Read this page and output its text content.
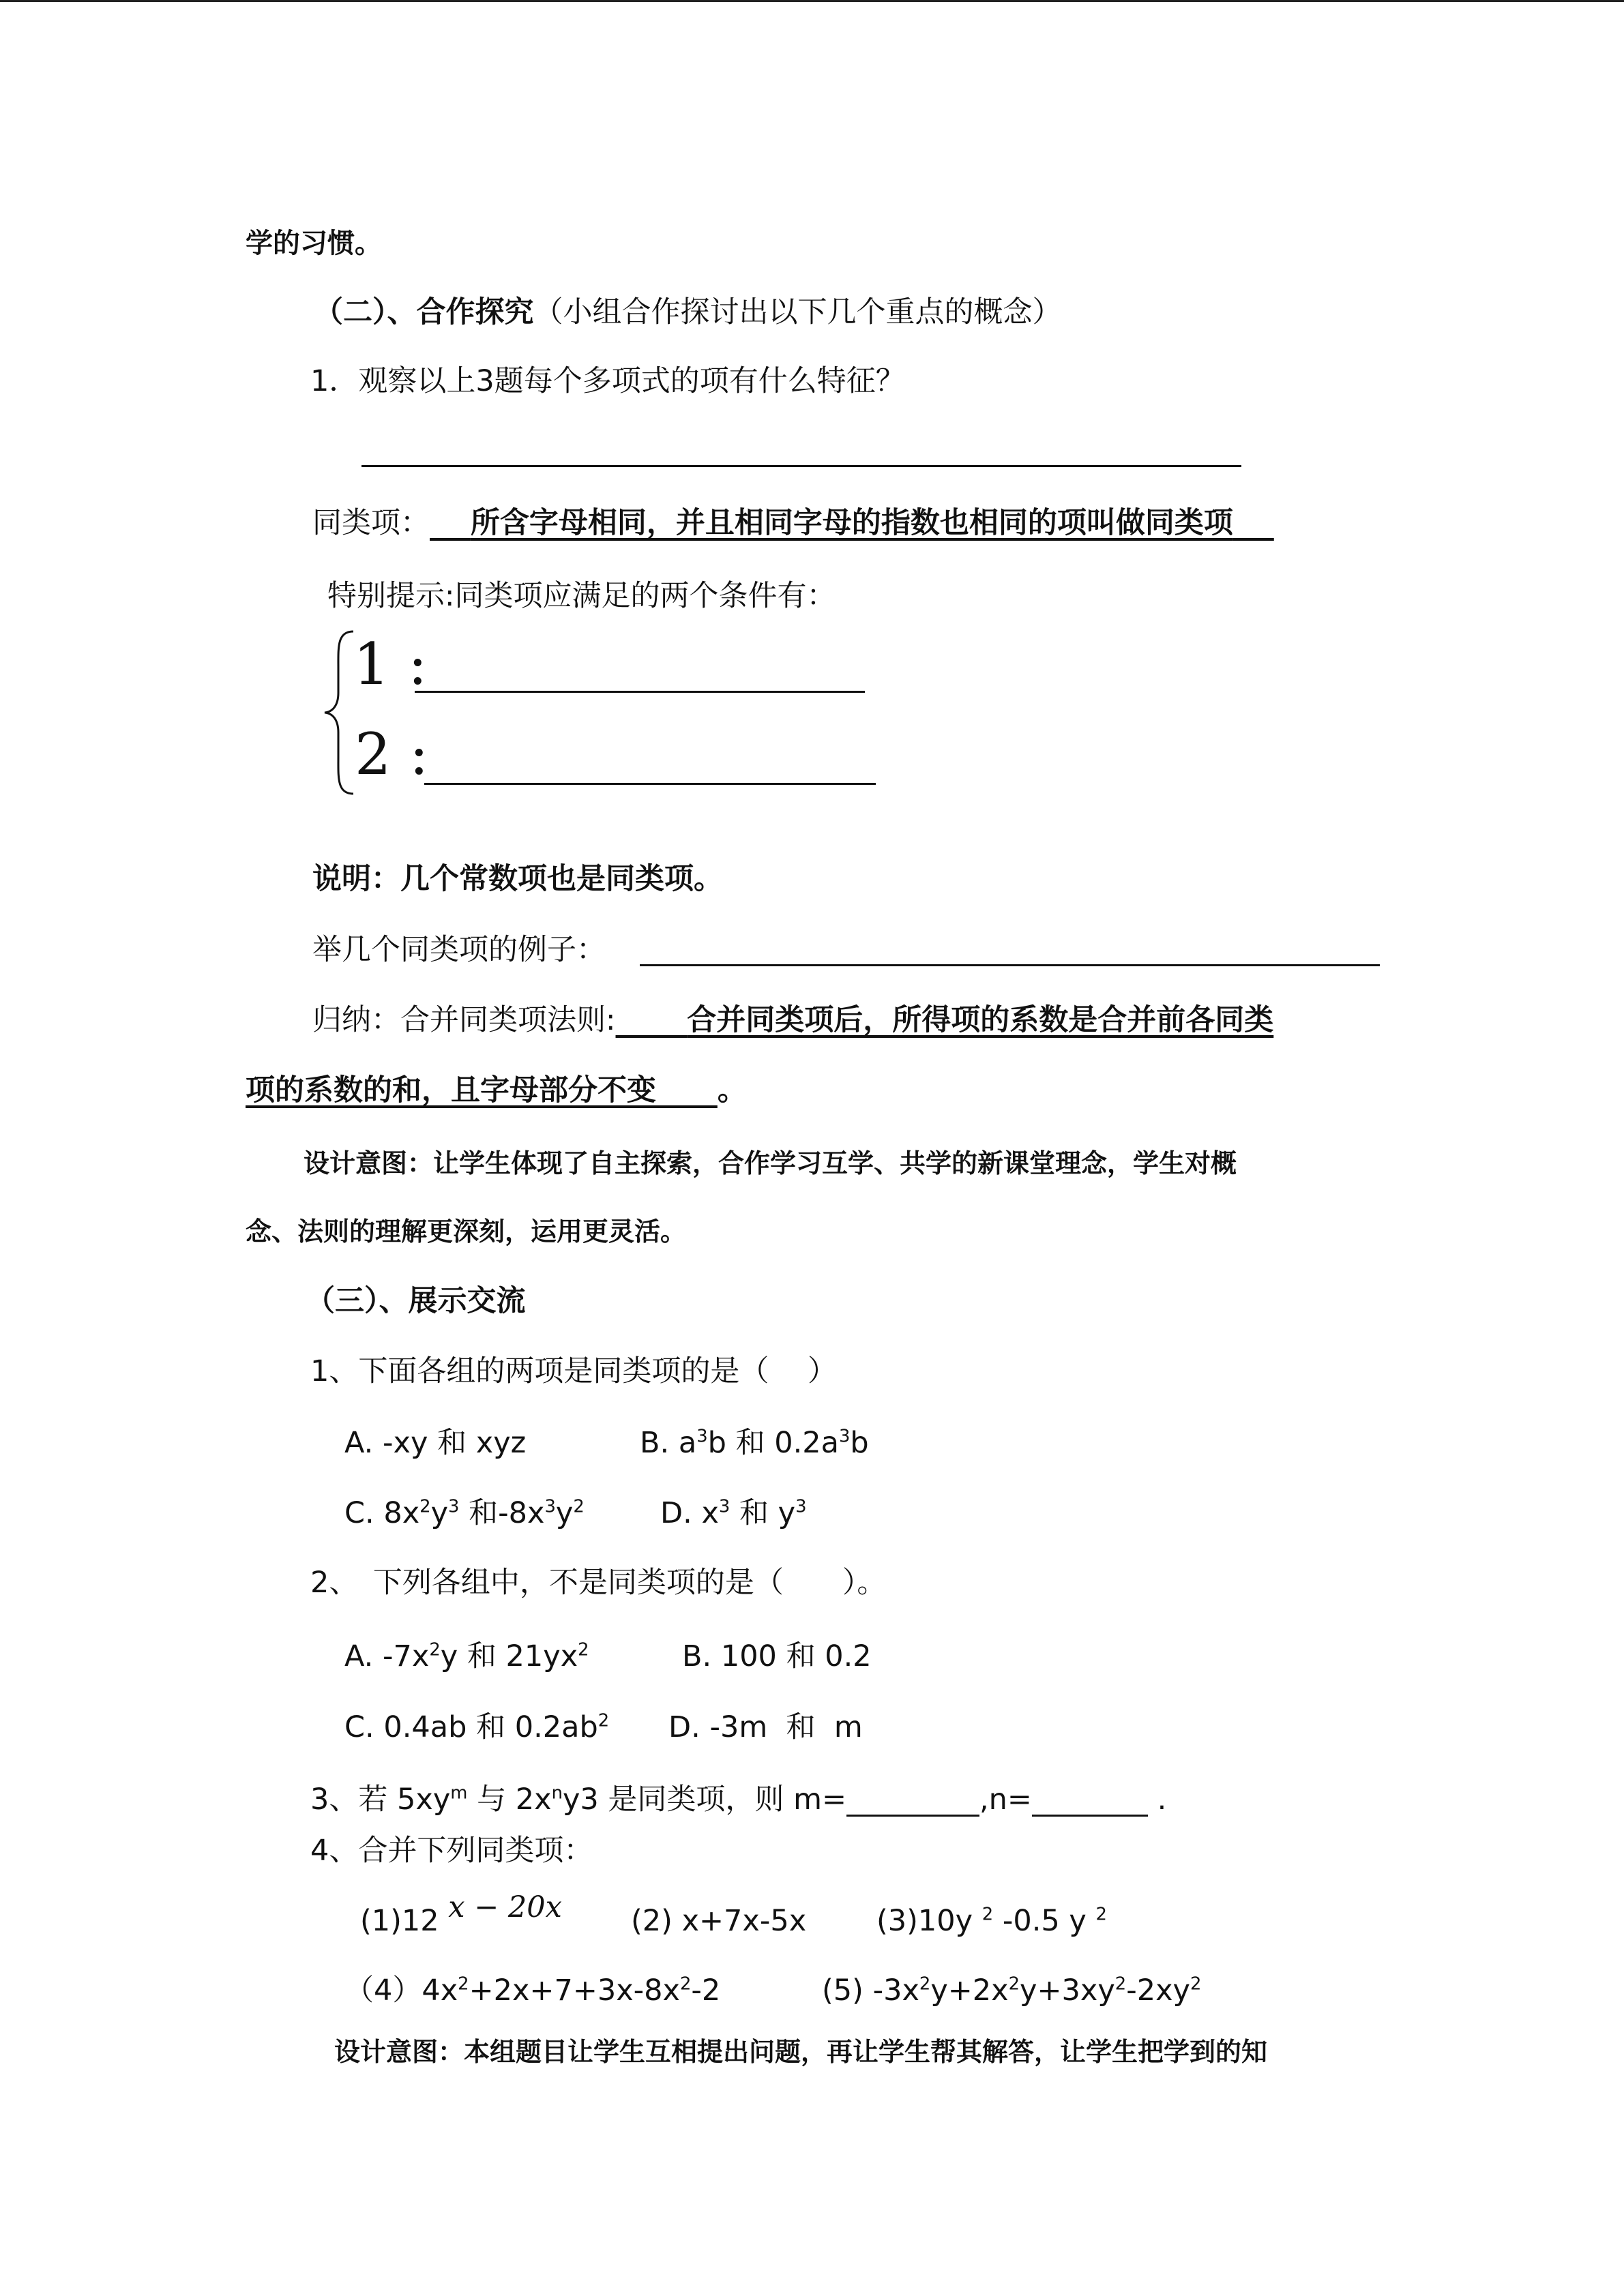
学的习惯。
（二）、合作探究（小组合作探讨出以下几个重点的概念）
1．观察以上3题每个多项式的项有什么特征？
同类项： 所含字母相同，并且相同字母的指数也相同的项叫做同类项
特别提示:同类项应满足的两个条件有：
1 :
2 :
说明：几个常数项也是同类项。
举几个同类项的例子：
归纳：合并同类项法则: 合并同类项后，所得项的系数是合并前各同类
项的系数的和，且字母部分不变 。
设计意图：让学生体现了自主探索，合作学习互学、共学的新课堂理念，学生对概
念、法则的理解更深刻，运用更灵活。
（三）、展示交流
1、下面各组的两项是同类项的是（　 ）
A. -xy 和 xyz	B. $a^3b$ 和 $0.2a^3b$
C. $8x^2y^3$ 和$-8x^3y^2$	D. $x^3$ 和 $y^3$
2、　下列各组中，不是同类项的是（　　）。
A. $-7x^2y$ 和 $21yx^2$	B. 100 和 0.2
C. 0.4ab 和 $0.2ab^2$ D. -3m  和  m
3、若 $5xy^m$ 与 $2x^ny3$ 是同类项，则 m=	,n=	.
4、合并下列同类项：
(1)12 x − 20x (2) x+7x-5x (3)10y $^2$ -0.5 y $^2$
$(4)4x^2+2x+7+3x-8x^2-2$	(5) $-3x^2y+2x^2y+3xy^2-2xy^2$
设计意图：本组题目让学生互相提出问题，再让学生帮其解答，让学生把学到的知
